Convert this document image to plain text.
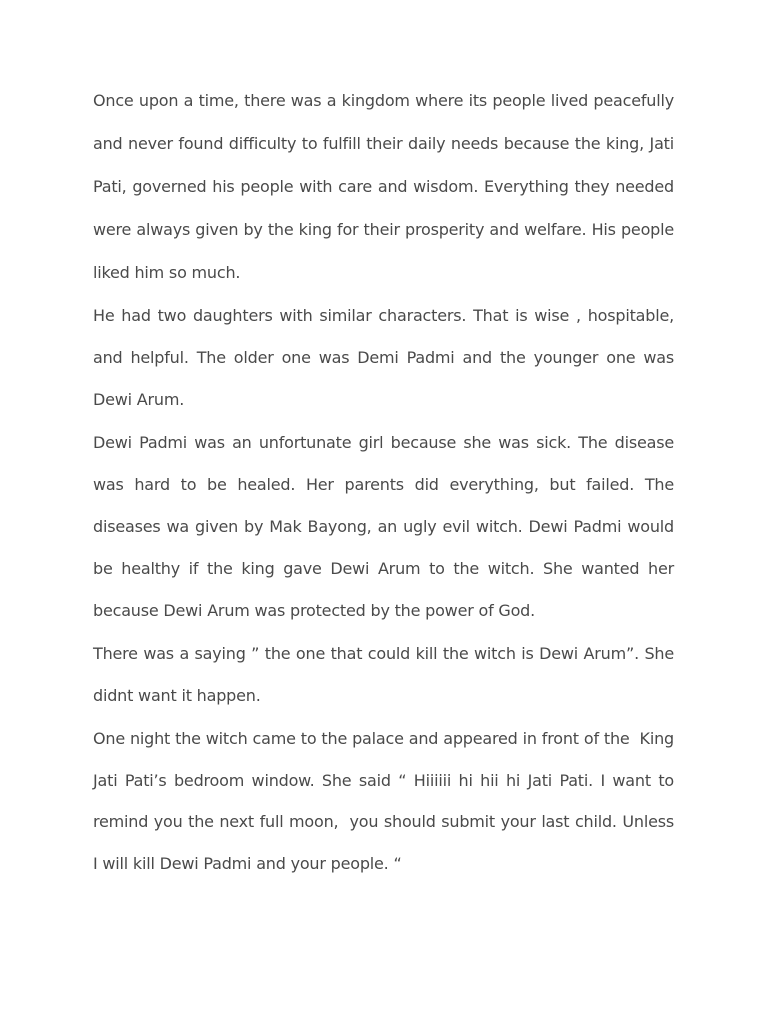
Once upon a time, there was a kingdom where its people lived peacefully and never found difficulty to fulfill their daily needs because the king, Jati Pati, governed his people with care and wisdom. Everything they needed were always given by the king for their prosperity and welfare. His people liked him so much.

He had two daughters with similar characters. That is wise , hospitable, and helpful. The older one was Demi Padmi and the younger one was Dewi Arum.

Dewi Padmi was an unfortunate girl because she was sick. The disease was hard to be healed. Her parents did everything, but failed. The diseases wa given by Mak Bayong, an ugly evil witch. Dewi Padmi would be healthy if the king gave Dewi Arum to the witch. She wanted her because Dewi Arum was protected by the power of God.

There was a saying ” the one that could kill the witch is Dewi Arum”. She didnt want it happen.

One night the witch came to the palace and appeared in front of the  King Jati Pati’s bedroom window. She said “ Hiiiiii hi hii hi Jati Pati. I want to remind you the next full moon,  you should submit your last child. Unless I will kill Dewi Padmi and your people. “
